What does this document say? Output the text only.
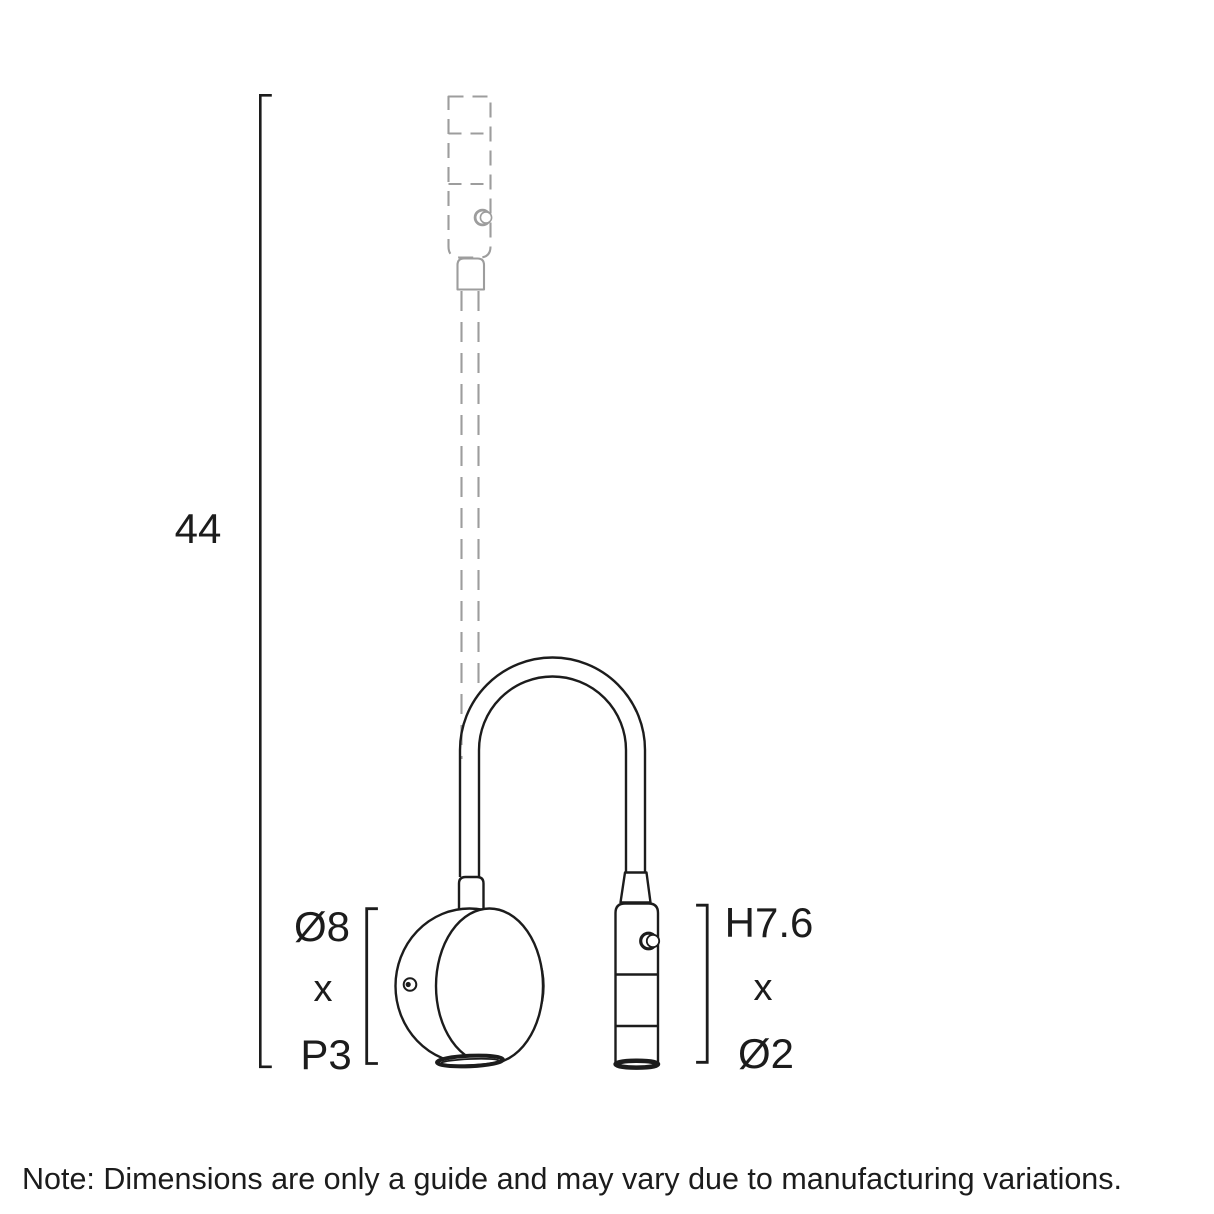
44
Ø8
x
P3
H7.6
x
Ø2
Note: Dimensions are only a guide and may vary due to manufacturing variations.
